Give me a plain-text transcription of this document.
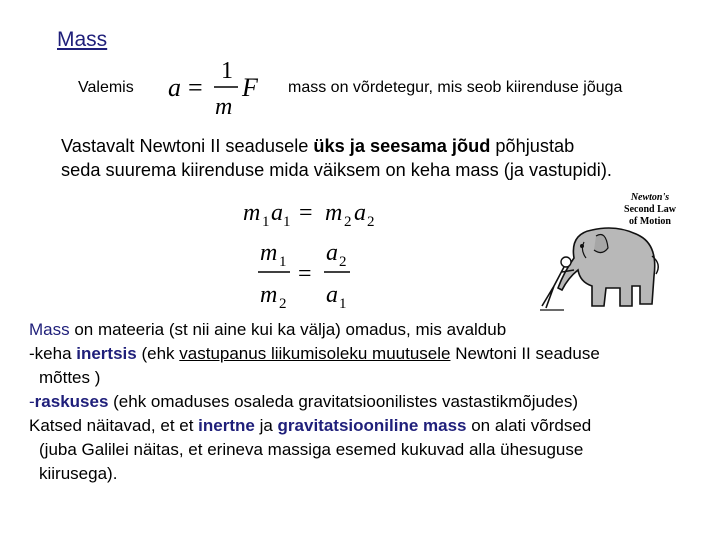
Mass
Valemis a =
1
m
F mass on võrdetegur, mis seob kiirenduse jõuga
Vastavalt Newtoni II seadusele üks ja seesama jõud põhjustab
seda suurema kiirenduse mida väiksem on keha mass (ja vastupidi).
m 1 a 1 = m 2 a 2
m 1
m 2
=
a 2
a 1
Newton's
Second Law
of Motion
Mass on mateeria (st nii aine kui ka välja) omadus, mis avaldub
-keha inertsis (ehk vastupanus liikumisoleku muutusele Newtoni II seaduse
mõttes )
-raskuses (ehk omaduses osaleda gravitatsioonilistes vastastikmõjudes)
Katsed näitavad, et et inertne ja gravitatsiooniline mass on alati võrdsed
(juba Galilei näitas, et erineva massiga esemed kukuvad alla ühesuguse
kiirusega).
